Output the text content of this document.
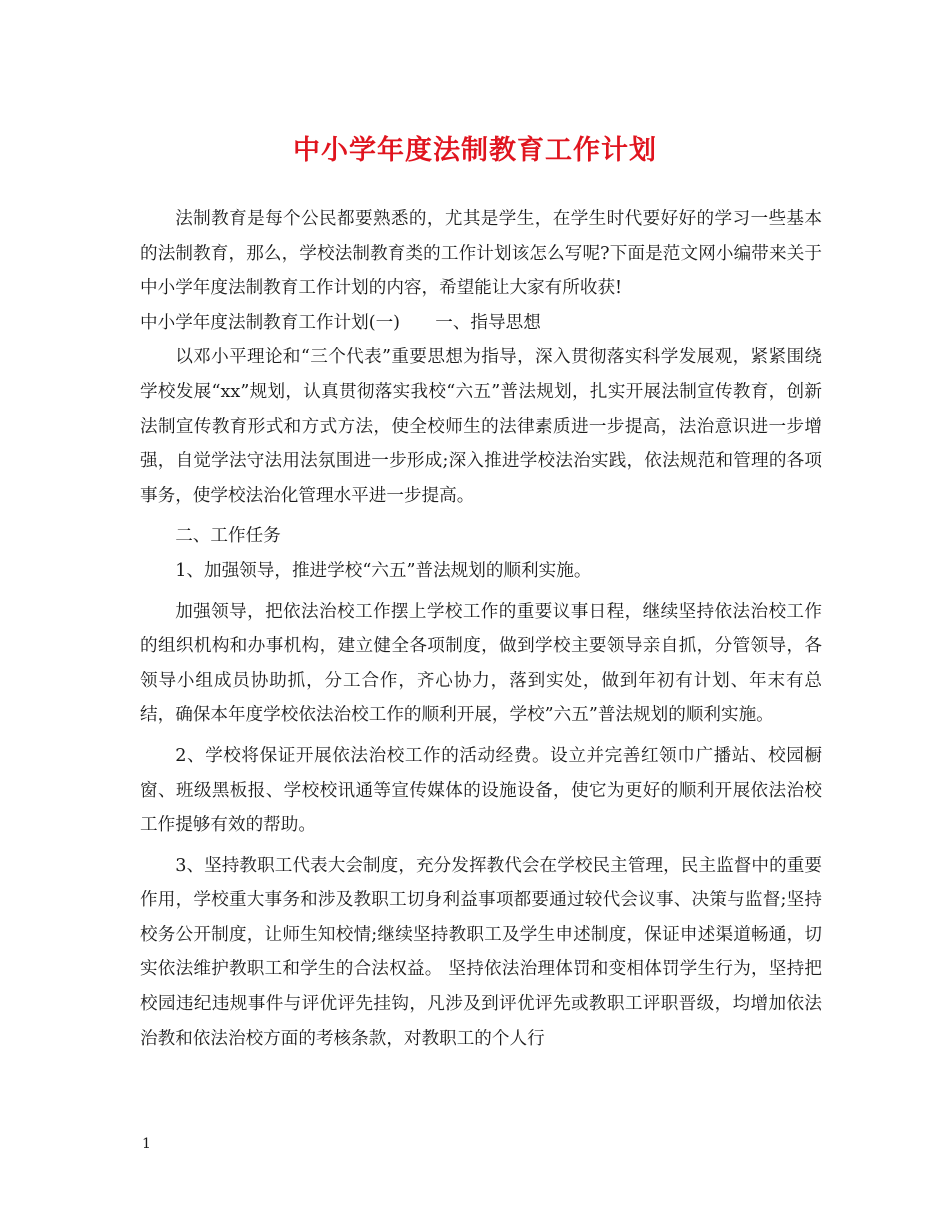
中小学年度法制教育工作计划

法制教育是每个公民都要熟悉的，尤其是学生，在学生时代要好好的学习一些基本的法制教育，那么，学校法制教育类的工作计划该怎么写呢?下面是范文网小编带来关于中小学年度法制教育工作计划的内容，希望能让大家有所收获!

中小学年度法制教育工作计划(一)　　一、指导思想

以邓小平理论和“三个代表”重要思想为指导，深入贯彻落实科学发展观，紧紧围绕学校发展“xx”规划，认真贯彻落实我校“六五”普法规划，扎实开展法制宣传教育，创新法制宣传教育形式和方式方法，使全校师生的法律素质进一步提高，法治意识进一步增强，自觉学法守法用法氛围进一步形成;深入推进学校法治实践，依法规范和管理的各项事务，使学校法治化管理水平进一步提高。

二、工作任务

1、加强领导，推进学校“六五”普法规划的顺利实施。

加强领导，把依法治校工作摆上学校工作的重要议事日程，继续坚持依法治校工作的组织机构和办事机构，建立健全各项制度，做到学校主要领导亲自抓，分管领导，各领导小组成员协助抓，分工合作，齐心协力，落到实处，做到年初有计划、年末有总结，确保本年度学校依法治校工作的顺利开展，学校”六五”普法规划的顺利实施。

2、学校将保证开展依法治校工作的活动经费。设立并完善红领巾广播站、校园橱窗、班级黑板报、学校校讯通等宣传媒体的设施设备，使它为更好的顺利开展依法治校工作提够有效的帮助。

3、坚持教职工代表大会制度，充分发挥教代会在学校民主管理，民主监督中的重要作用，学校重大事务和涉及教职工切身利益事项都要通过较代会议事、决策与监督;坚持校务公开制度，让师生知校情;继续坚持教职工及学生申述制度，保证申述渠道畅通，切实依法维护教职工和学生的合法权益。 坚持依法治理体罚和变相体罚学生行为，坚持把校园违纪违规事件与评优评先挂钩，凡涉及到评优评先或教职工评职晋级，均增加依法治教和依法治校方面的考核条款，对教职工的个人行

1
